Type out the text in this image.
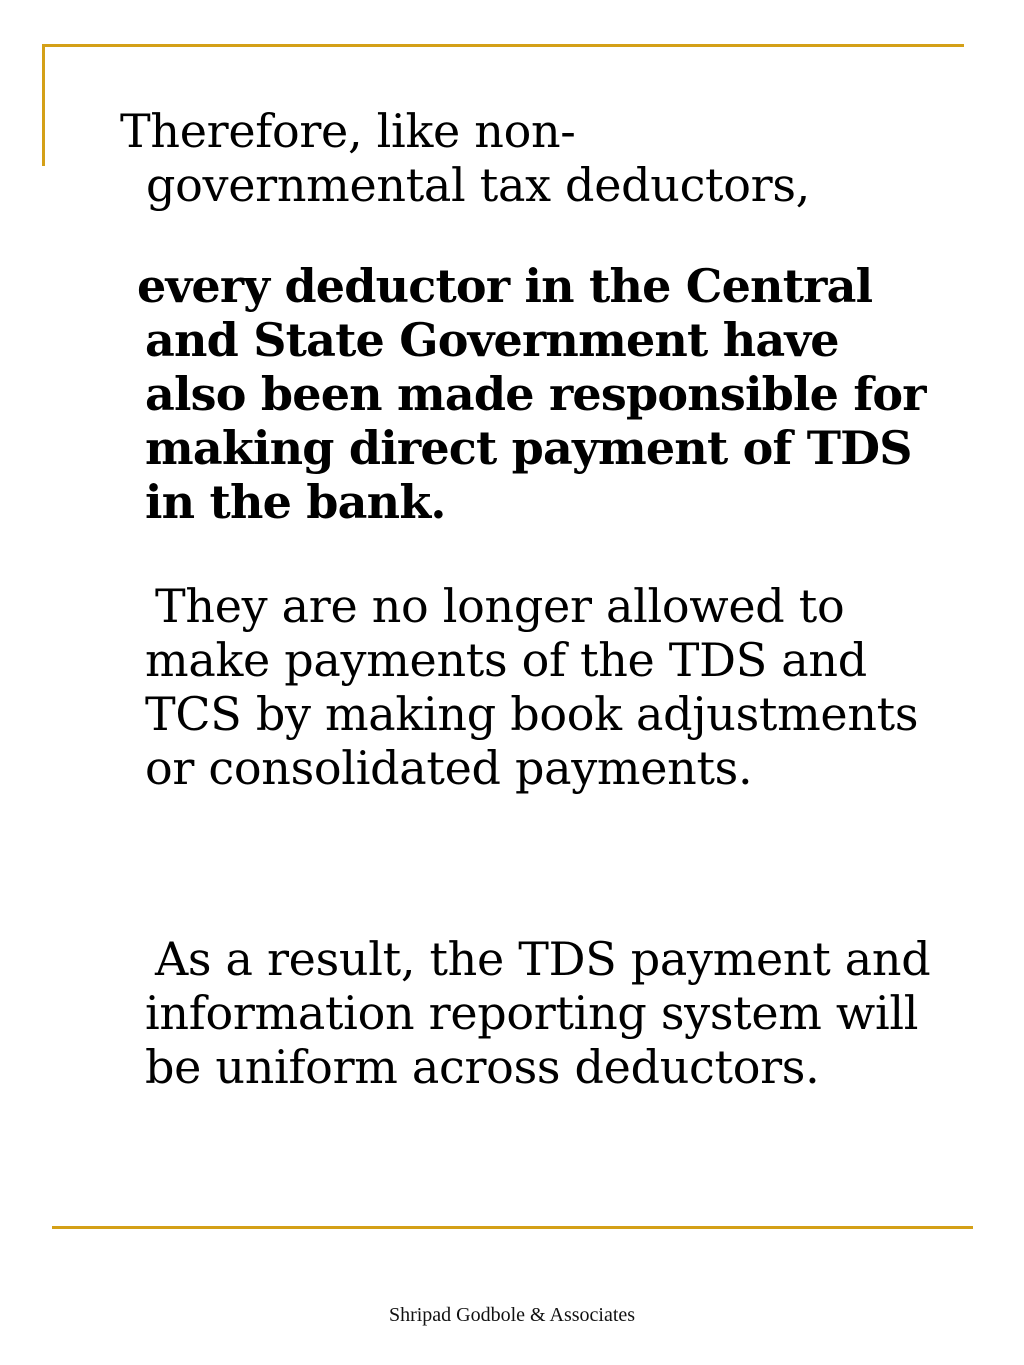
Therefore, like non-
governmental tax deductors,

every deductor in the Central and State Government have also been made responsible for making direct payment of TDS in the bank.

They are no longer allowed to make payments of the TDS and TCS by making book adjustments or consolidated payments.

As a result, the TDS payment and information reporting system will be uniform across deductors.

Shripad Godbole & Associates
